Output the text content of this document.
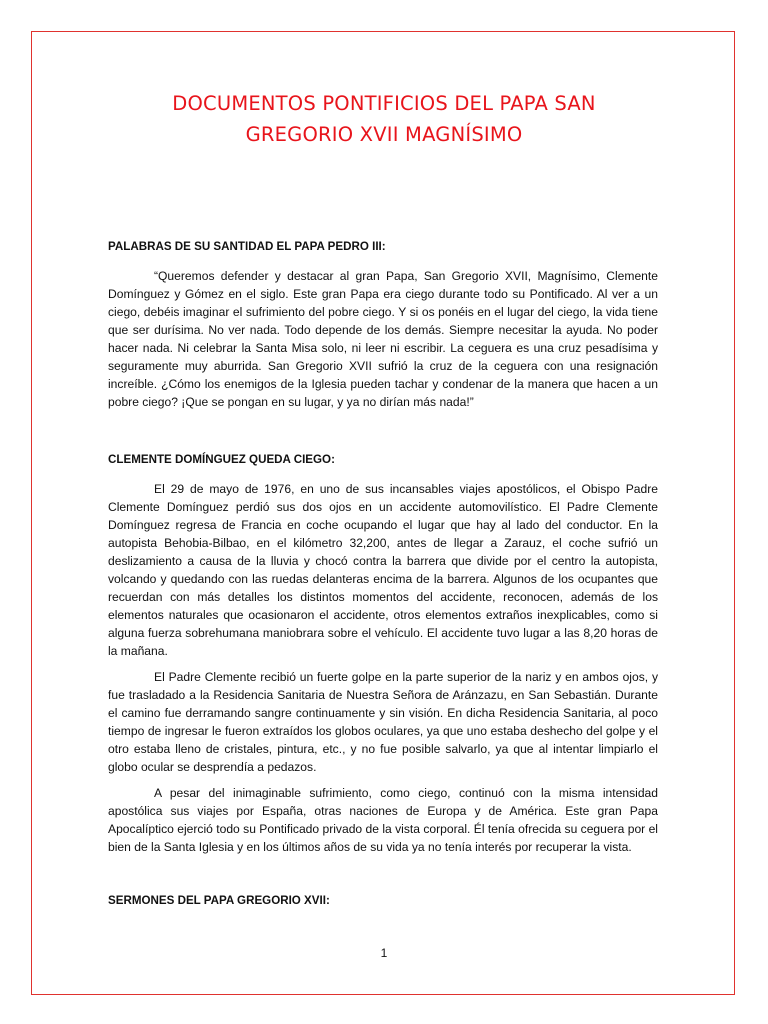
DOCUMENTOS PONTIFICIOS DEL PAPA SAN
GREGORIO XVII MAGNÍSIMO

PALABRAS DE SU SANTIDAD EL PAPA PEDRO III:

“Queremos defender y destacar al gran Papa, San Gregorio XVII, Magnísimo, Clemente Domínguez y Gómez en el siglo. Este gran Papa era ciego durante todo su Pontificado. Al ver a un ciego, debéis imaginar el sufrimiento del pobre ciego. Y si os ponéis en el lugar del ciego, la vida tiene que ser durísima. No ver nada. Todo depende de los demás. Siempre necesitar la ayuda. No poder hacer nada. Ni celebrar la Santa Misa solo, ni leer ni escribir. La ceguera es una cruz pesadísima y seguramente muy aburrida. San Gregorio XVII sufrió la cruz de la ceguera con una resignación increíble. ¿Cómo los enemigos de la Iglesia pueden tachar y condenar de la manera que hacen a un pobre ciego? ¡Que se pongan en su lugar, y ya no dirían más nada!”

CLEMENTE DOMÍNGUEZ QUEDA CIEGO:

El 29 de mayo de 1976, en uno de sus incansables viajes apostólicos, el Obispo Padre Clemente Domínguez perdió sus dos ojos en un accidente automovilístico. El Padre Clemente Domínguez regresa de Francia en coche ocupando el lugar que hay al lado del conductor. En la autopista Behobia-Bilbao, en el kilómetro 32,200, antes de llegar a Zarauz, el coche sufrió un deslizamiento a causa de la lluvia y chocó contra la barrera que divide por el centro la autopista, volcando y quedando con las ruedas delanteras encima de la barrera. Algunos de los ocupantes que recuerdan con más detalles los distintos momentos del accidente, reconocen, además de los elementos naturales que ocasionaron el accidente, otros elementos extraños inexplicables, como si alguna fuerza sobrehumana maniobrara sobre el vehículo. El accidente tuvo lugar a las 8,20 horas de la mañana.

El Padre Clemente recibió un fuerte golpe en la parte superior de la nariz y en ambos ojos, y fue trasladado a la Residencia Sanitaria de Nuestra Señora de Aránzazu, en San Sebastián. Durante el camino fue derramando sangre continuamente y sin visión. En dicha Residencia Sanitaria, al poco tiempo de ingresar le fueron extraídos los globos oculares, ya que uno estaba deshecho del golpe y el otro estaba lleno de cristales, pintura, etc., y no fue posible salvarlo, ya que al intentar limpiarlo el globo ocular se desprendía a pedazos.

A pesar del inimaginable sufrimiento, como ciego, continuó con la misma intensidad apostólica sus viajes por España, otras naciones de Europa y de América. Este gran Papa Apocalíptico ejerció todo su Pontificado privado de la vista corporal. Él tenía ofrecida su ceguera por el bien de la Santa Iglesia y en los últimos años de su vida ya no tenía interés por recuperar la vista.

SERMONES DEL PAPA GREGORIO XVII:

1
